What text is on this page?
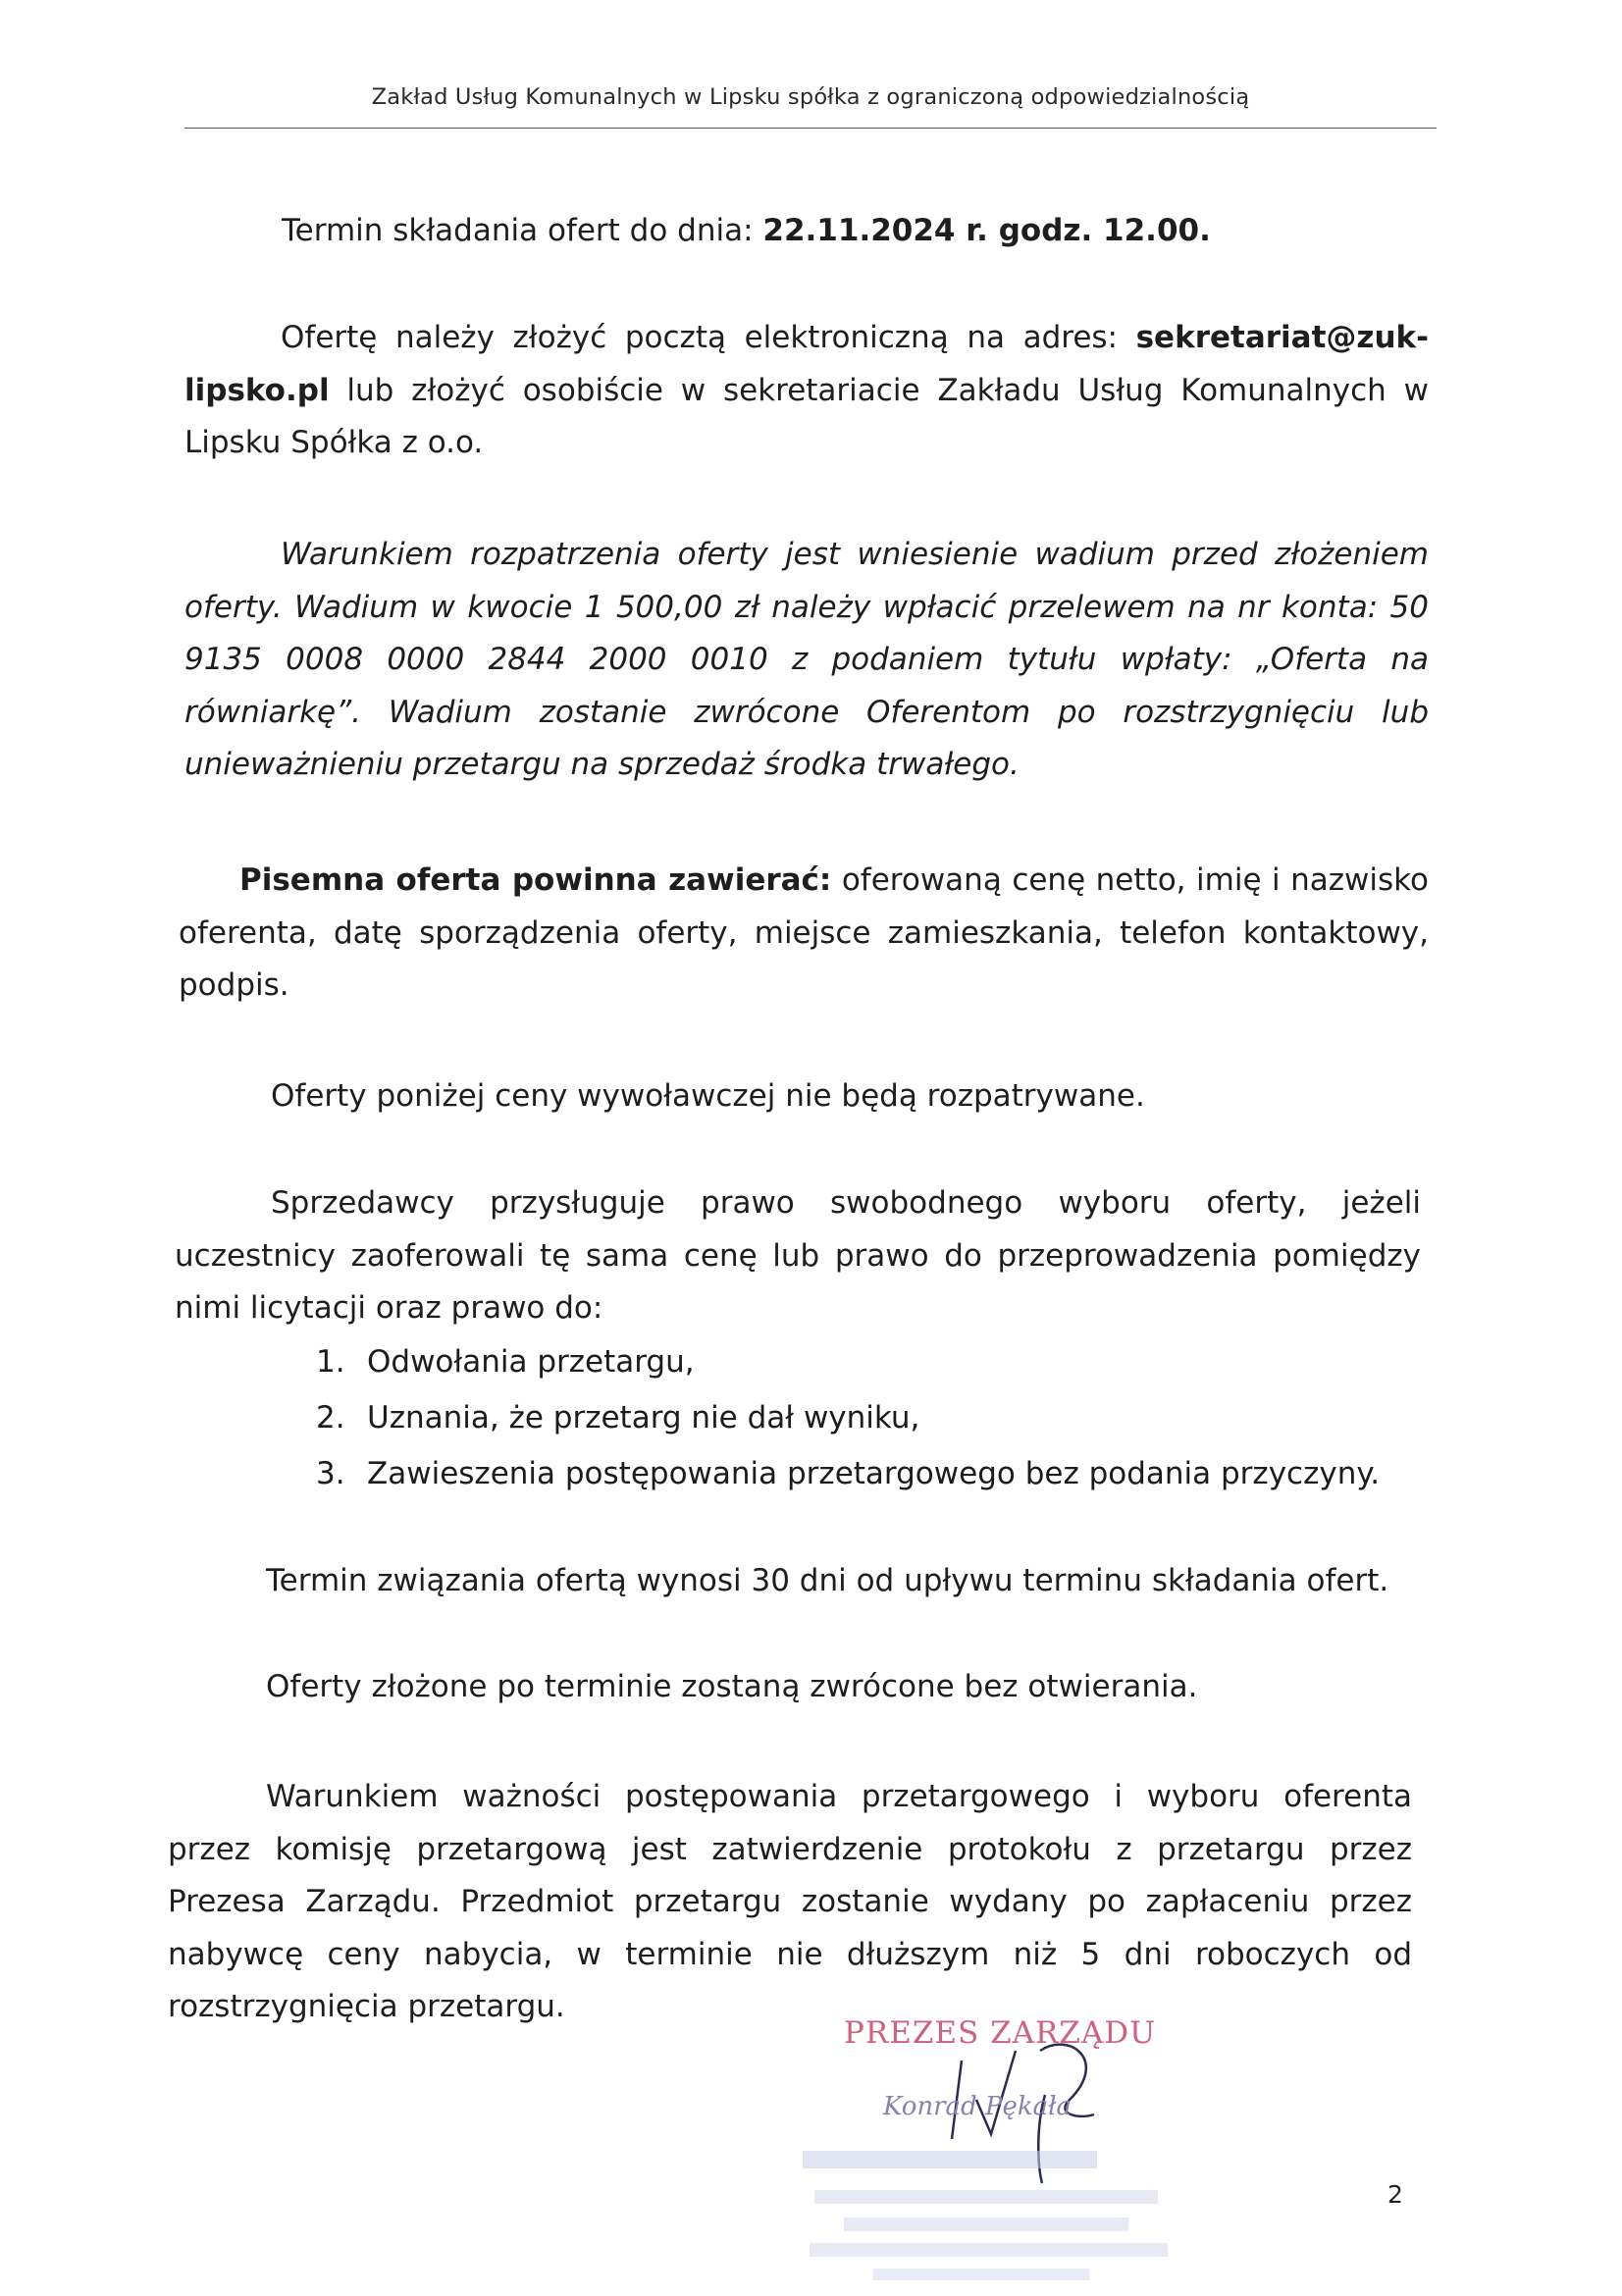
Zakład Usług Komunalnych w Lipsku spółka z ograniczoną odpowiedzialnością

Termin składania ofert do dnia: 22.11.2024 r. godz. 12.00.

Ofertę należy złożyć pocztą elektroniczną na adres: sekretariat@zuk-lipsko.pl lub złożyć osobiście w sekretariacie Zakładu Usług Komunalnych w Lipsku Spółka z o.o.

Warunkiem rozpatrzenia oferty jest wniesienie wadium przed złożeniem oferty. Wadium w kwocie 1 500,00 zł należy wpłacić przelewem na nr konta: 50 9135 0008 0000 2844 2000 0010 z podaniem tytułu wpłaty: „Oferta na równiarkę”. Wadium zostanie zwrócone Oferentom po rozstrzygnięciu lub unieważnieniu przetargu na sprzedaż środka trwałego.

Pisemna oferta powinna zawierać: oferowaną cenę netto, imię i nazwisko oferenta, datę sporządzenia oferty, miejsce zamieszkania, telefon kontaktowy, podpis.

Oferty poniżej ceny wywoławczej nie będą rozpatrywane.

Sprzedawcy przysługuje prawo swobodnego wyboru oferty, jeżeli uczestnicy zaoferowali tę sama cenę lub prawo do przeprowadzenia pomiędzy nimi licytacji oraz prawo do:

1. Odwołania przetargu,
2. Uznania, że przetarg nie dał wyniku,
3. Zawieszenia postępowania przetargowego bez podania przyczyny.

Termin związania ofertą wynosi 30 dni od upływu terminu składania ofert.

Oferty złożone po terminie zostaną zwrócone bez otwierania.

Warunkiem ważności postępowania przetargowego i wyboru oferenta przez komisję przetargową jest zatwierdzenie protokołu z przetargu przez Prezesa Zarządu. Przedmiot przetargu zostanie wydany po zapłaceniu przez nabywcę ceny nabycia, w terminie nie dłuższym niż 5 dni roboczych od rozstrzygnięcia przetargu.

PREZES ZARZĄDU
Konrad Pękała
2
